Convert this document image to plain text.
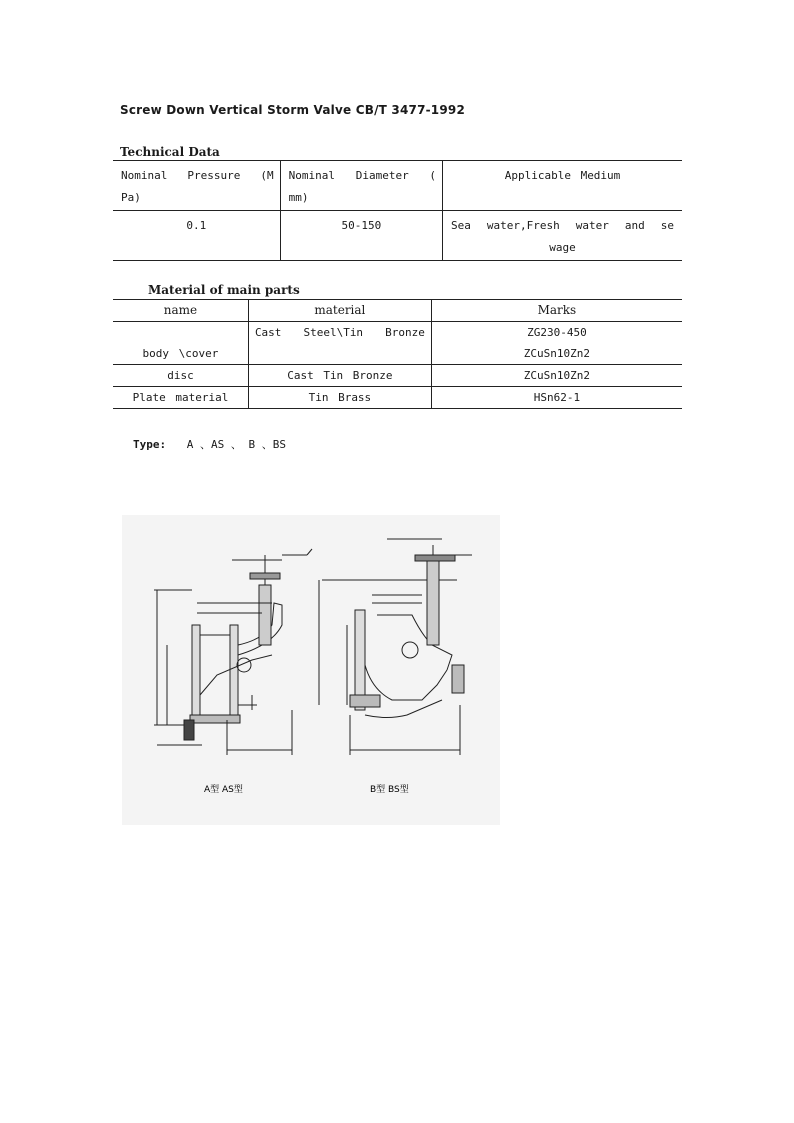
Screw Down Vertical Storm Valve CB/T 3477-1992
Technical Data
Nominal Pressure (M Pa)	Nominal Diameter ( mm)	Applicable Medium
0.1	50-150	Sea water,Fresh water and se wage
Material of main parts
name	material	Marks
body \cover	Cast Steel\Tin Bronze	ZG230-450
ZCuSn10Zn2

disc	Cast Tin Bronze	ZCuSn10Zn2
Plate material	Tin Brass	HSn62-1
Type: A 、AS 、 B 、BS
A型 AS型	B型 BS型
